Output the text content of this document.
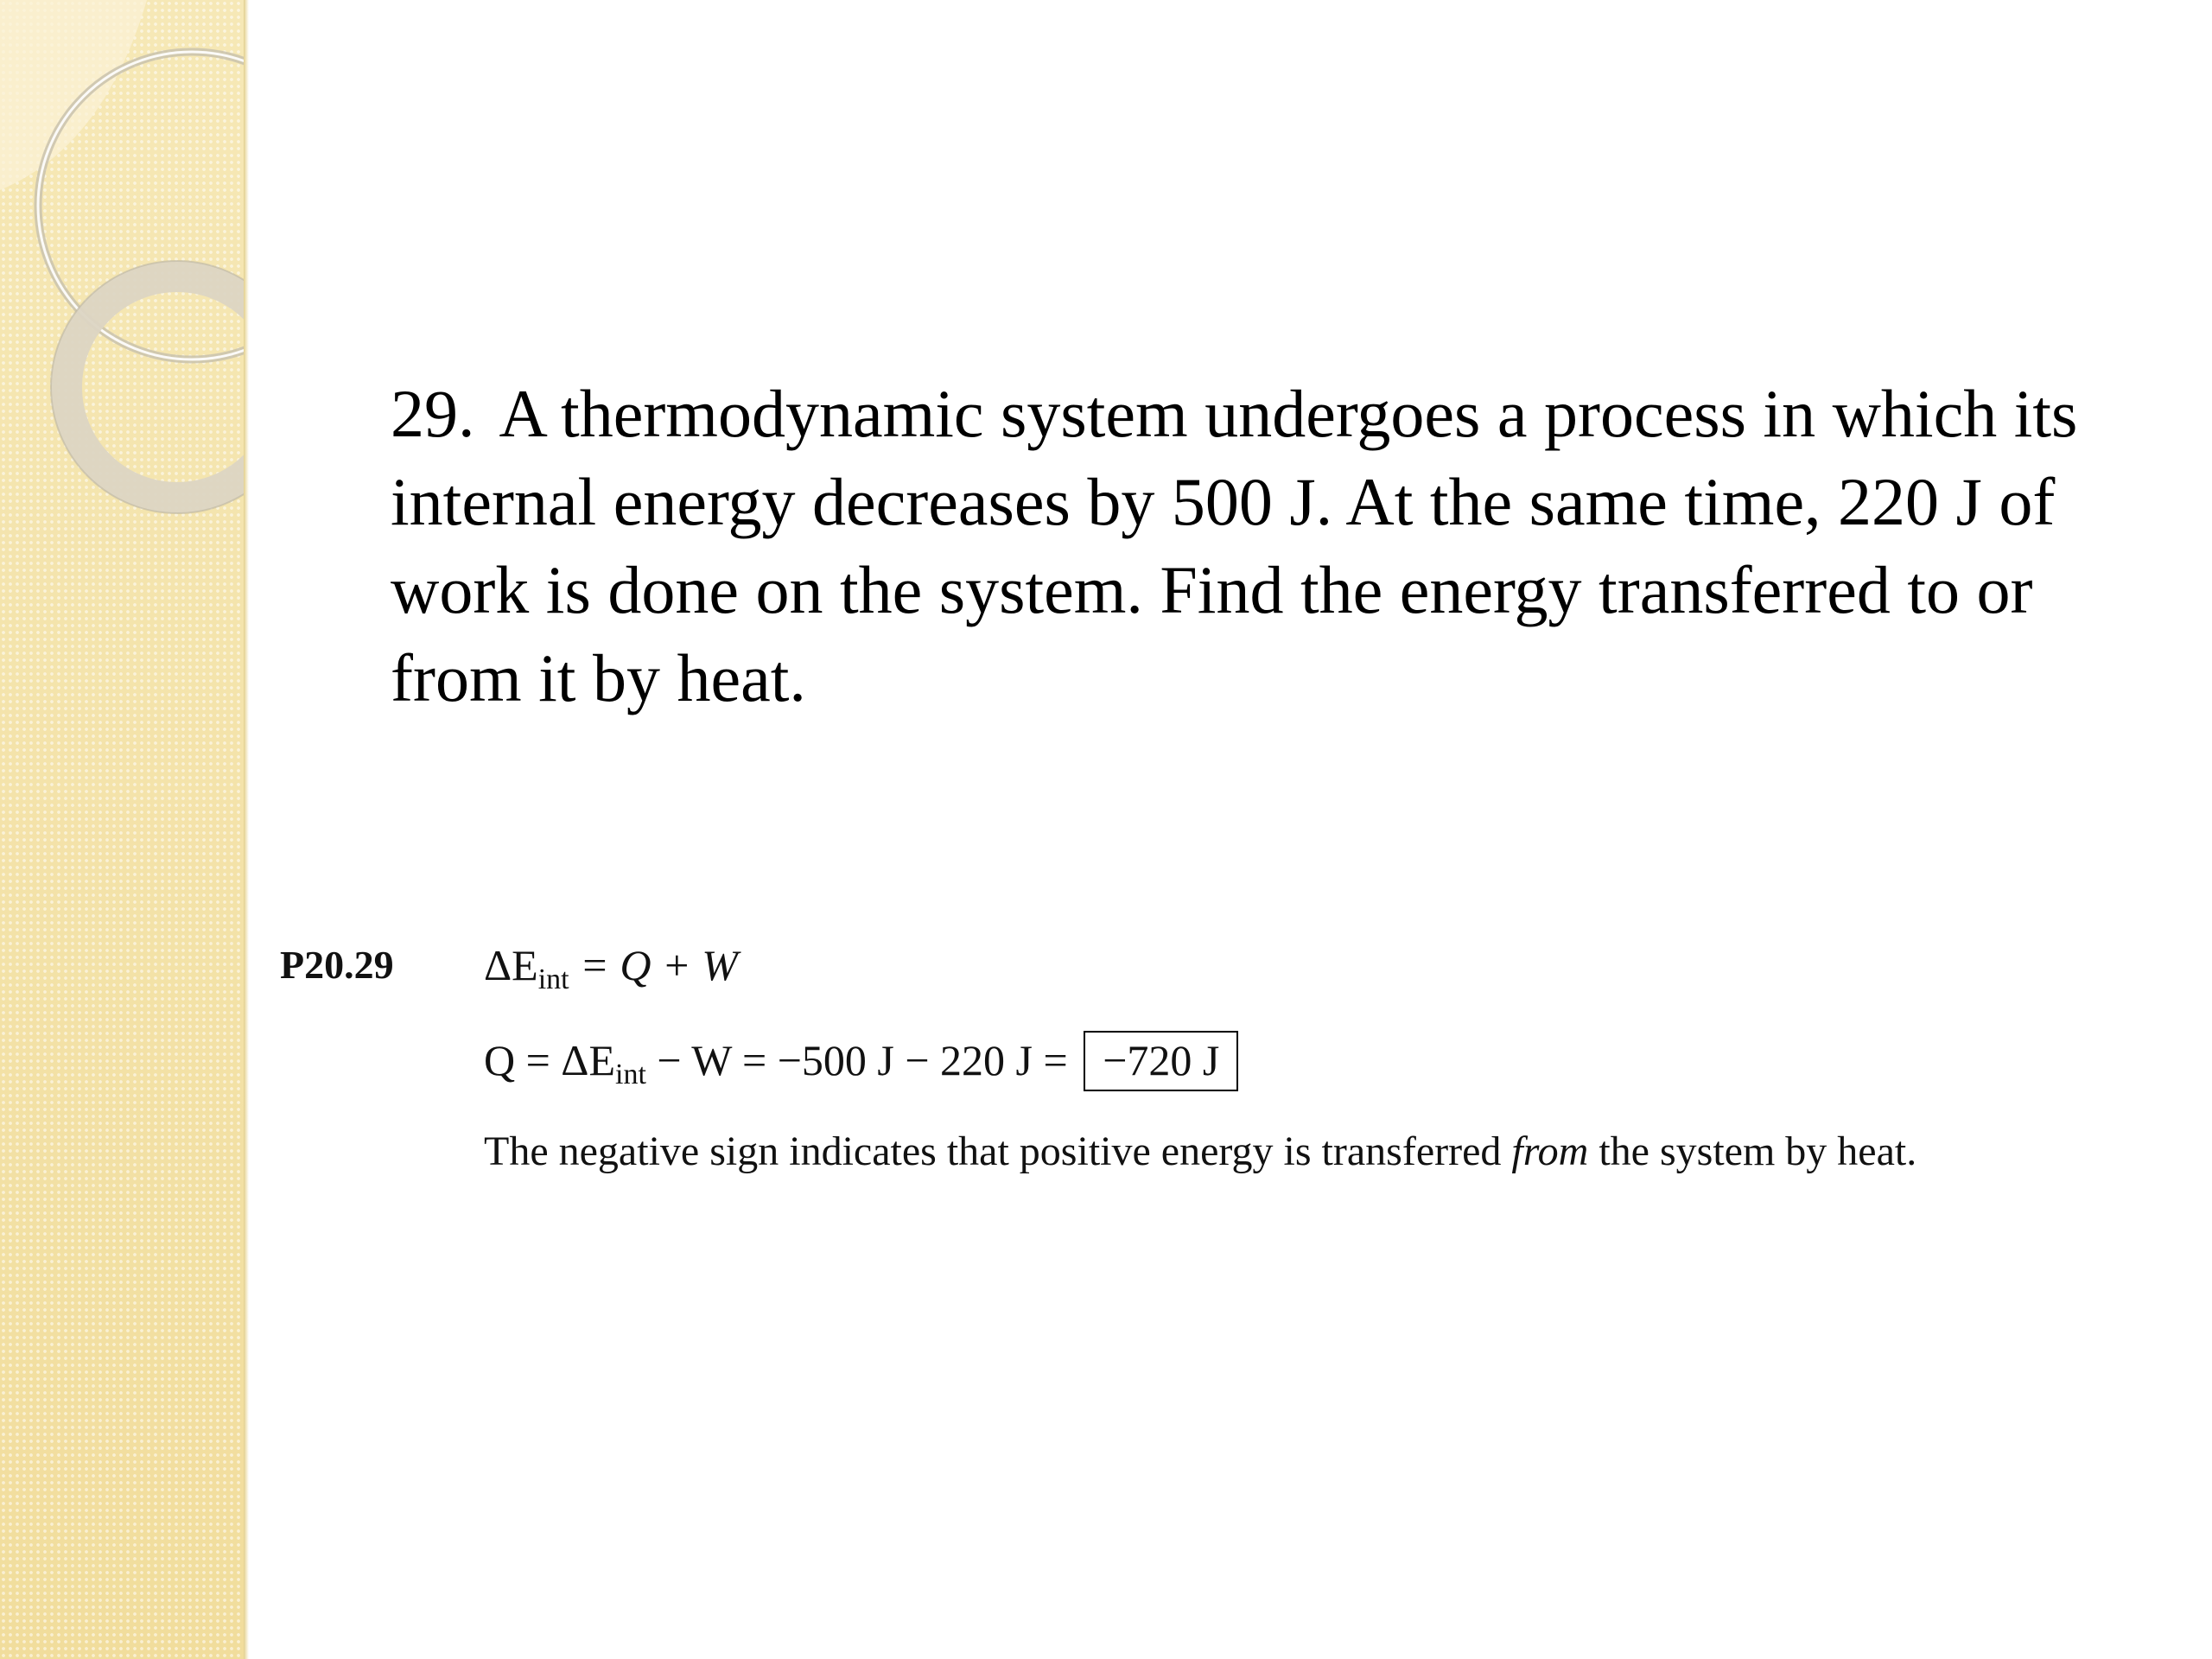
29. A thermodynamic system undergoes a process in which its internal energy decreases by 500 J. At the same time, 220 J of work is done on the system. Find the energy transferred to or from it by heat.
P20.29 $\Delta E_{int} = Q + W$
$Q = \Delta E_{int} - W = -500$ J − 220 J = −720 J
The negative sign indicates that positive energy is transferred from the system by heat.
